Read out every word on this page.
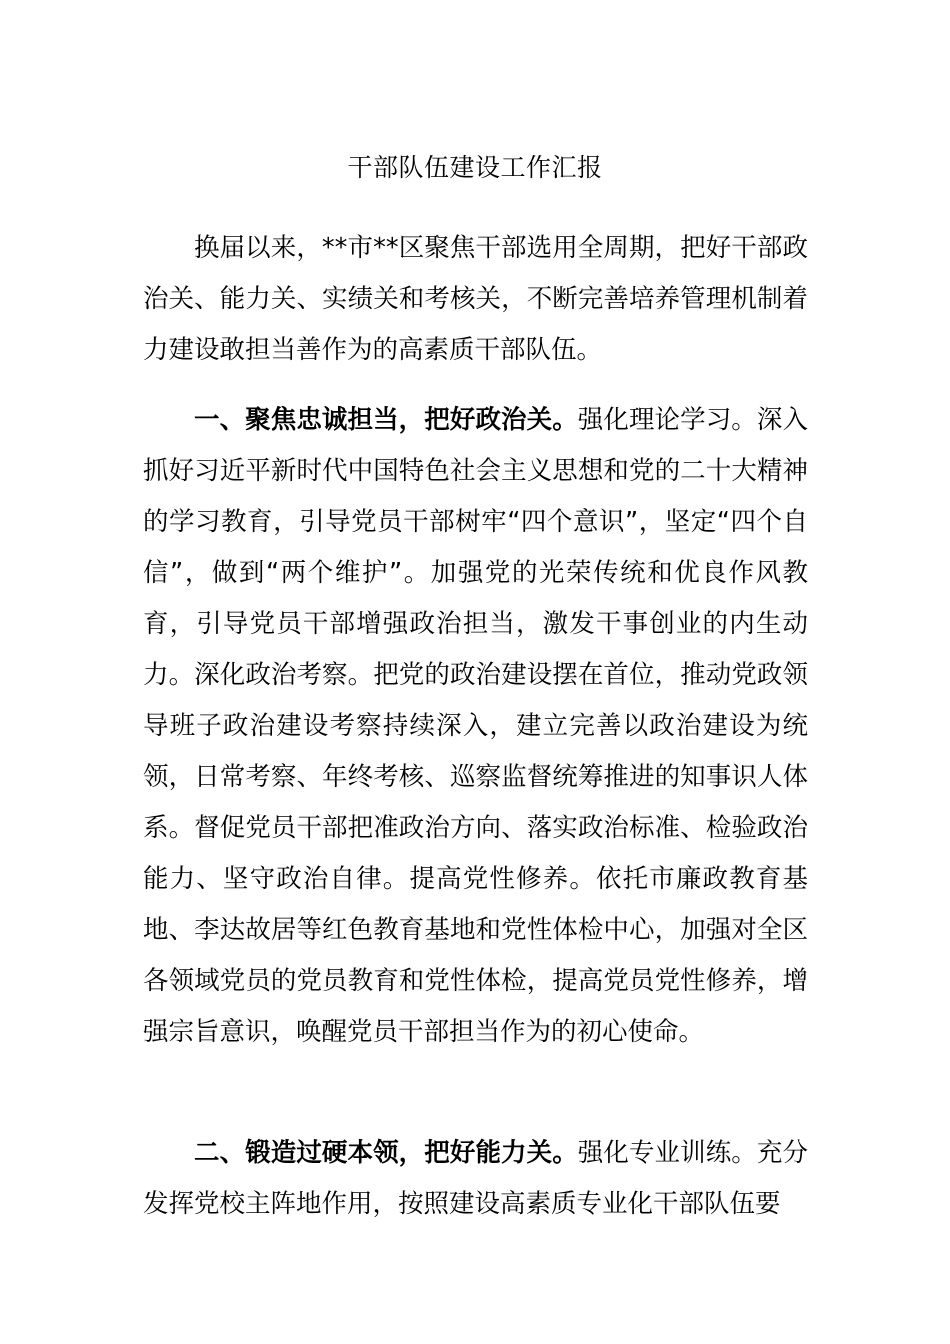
干部队伍建设工作汇报

换届以来，**市**区聚焦干部选用全周期，把好干部政治关、能力关、实绩关和考核关，不断完善培养管理机制着力建设敢担当善作为的高素质干部队伍。

一、聚焦忠诚担当，把好政治关。强化理论学习。深入抓好习近平新时代中国特色社会主义思想和党的二十大精神的学习教育，引导党员干部树牢“四个意识”，坚定“四个自信”，做到“两个维护”。加强党的光荣传统和优良作风教育，引导党员干部增强政治担当，激发干事创业的内生动力。深化政治考察。把党的政治建设摆在首位，推动党政领导班子政治建设考察持续深入，建立完善以政治建设为统领，日常考察、年终考核、巡察监督统筹推进的知事识人体系。督促党员干部把准政治方向、落实政治标准、检验政治能力、坚守政治自律。提高党性修养。依托市廉政教育基地、李达故居等红色教育基地和党性体检中心，加强对全区各领域党员的党员教育和党性体检，提高党员党性修养，增强宗旨意识，唤醒党员干部担当作为的初心使命。

二、锻造过硬本领，把好能力关。强化专业训练。充分发挥党校主阵地作用，按照建设高素质专业化干部队伍要
